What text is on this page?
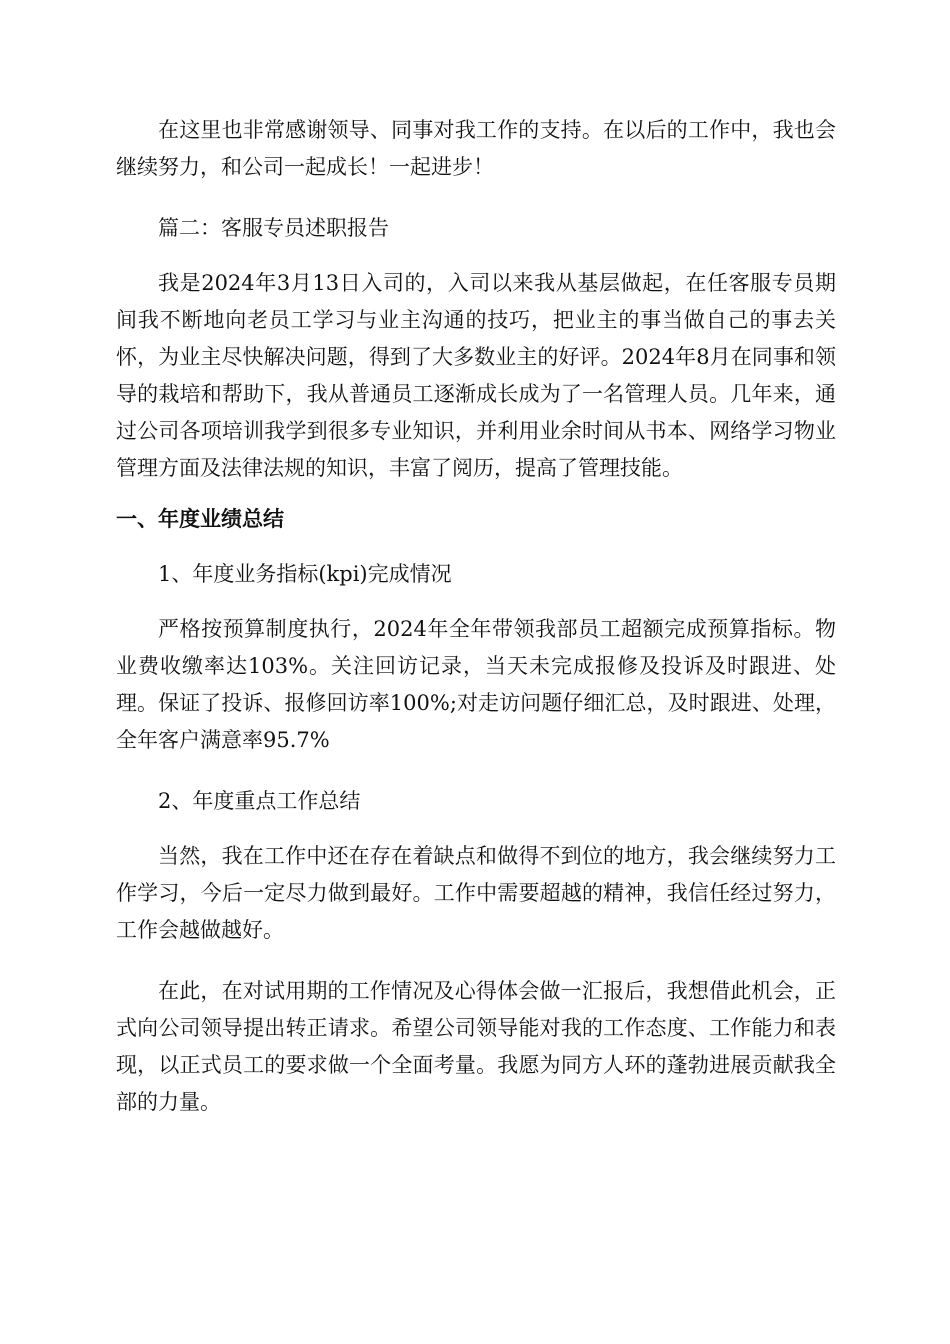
在这里也非常感谢领导、同事对我工作的支持。在以后的工作中，我也会继续努力，和公司一起成长！一起进步！

篇二：客服专员述职报告

我是2024年3月13日入司的，入司以来我从基层做起，在任客服专员期间我不断地向老员工学习与业主沟通的技巧，把业主的事当做自己的事去关怀，为业主尽快解决问题，得到了大多数业主的好评。2024年8月在同事和领导的栽培和帮助下，我从普通员工逐渐成长成为了一名管理人员。几年来，通过公司各项培训我学到很多专业知识，并利用业余时间从书本、网络学习物业管理方面及法律法规的知识，丰富了阅历，提高了管理技能。

一、年度业绩总结

1、年度业务指标(kpi)完成情况

严格按预算制度执行，2024年全年带领我部员工超额完成预算指标。物业费收缴率达103%。关注回访记录，当天未完成报修及投诉及时跟进、处理。保证了投诉、报修回访率100%;对走访问题仔细汇总，及时跟进、处理，全年客户满意率95.7%

2、年度重点工作总结

当然，我在工作中还在存在着缺点和做得不到位的地方，我会继续努力工作学习，今后一定尽力做到最好。工作中需要超越的精神，我信任经过努力，工作会越做越好。

在此，在对试用期的工作情况及心得体会做一汇报后，我想借此机会，正式向公司领导提出转正请求。希望公司领导能对我的工作态度、工作能力和表现，以正式员工的要求做一个全面考量。我愿为同方人环的蓬勃进展贡献我全部的力量。
